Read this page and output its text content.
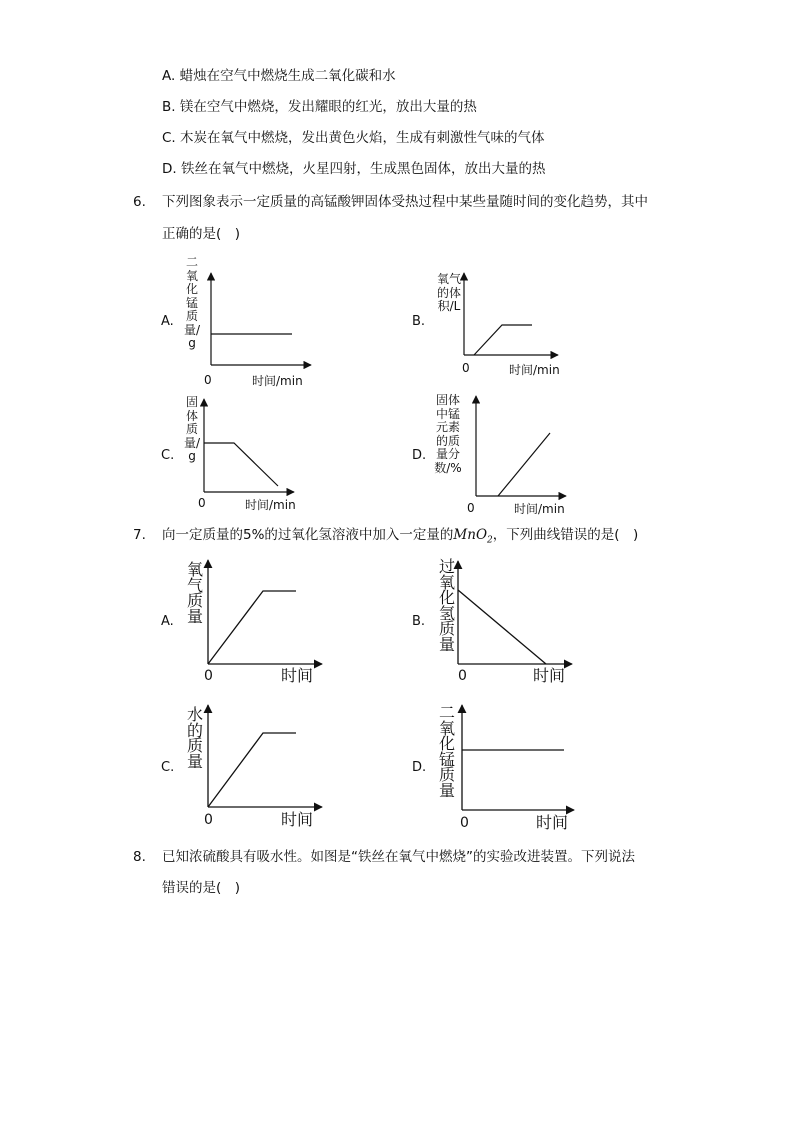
A. 蜡烛在空气中燃烧生成二氧化碳和水
B. 镁在空气中燃烧，发出耀眼的红光，放出大量的热
C. 木炭在氧气中燃烧，发出黄色火焰，生成有刺激性气味的气体
D. 铁丝在氧气中燃烧，火星四射，生成黑色固体，放出大量的热
6. 下列图象表示一定质量的高锰酸钾固体受热过程中某些量随时间的变化趋势，其中
正确的是(　)
A.
二氧化锰质量/g
0	时间/min
B.
氧气的体积/L
0	时间/min
C.
固体质量/g
0	时间/min
D.
固体中锰元素的质量分数/%
0	时间/min
7. 向一定质量的5%的过氧化氢溶液中加入一定量的MnO$_2$，下列曲线错误的是(　)
A.
氧气质量
0	时间
B.
过氧化氢质量
0	时间
C.
水的质量
0	时间
D.
二氧化锰质量
0	时间
8. 已知浓硫酸具有吸水性。如图是“铁丝在氧气中燃烧”的实验改进装置。下列说法
错误的是(　)
